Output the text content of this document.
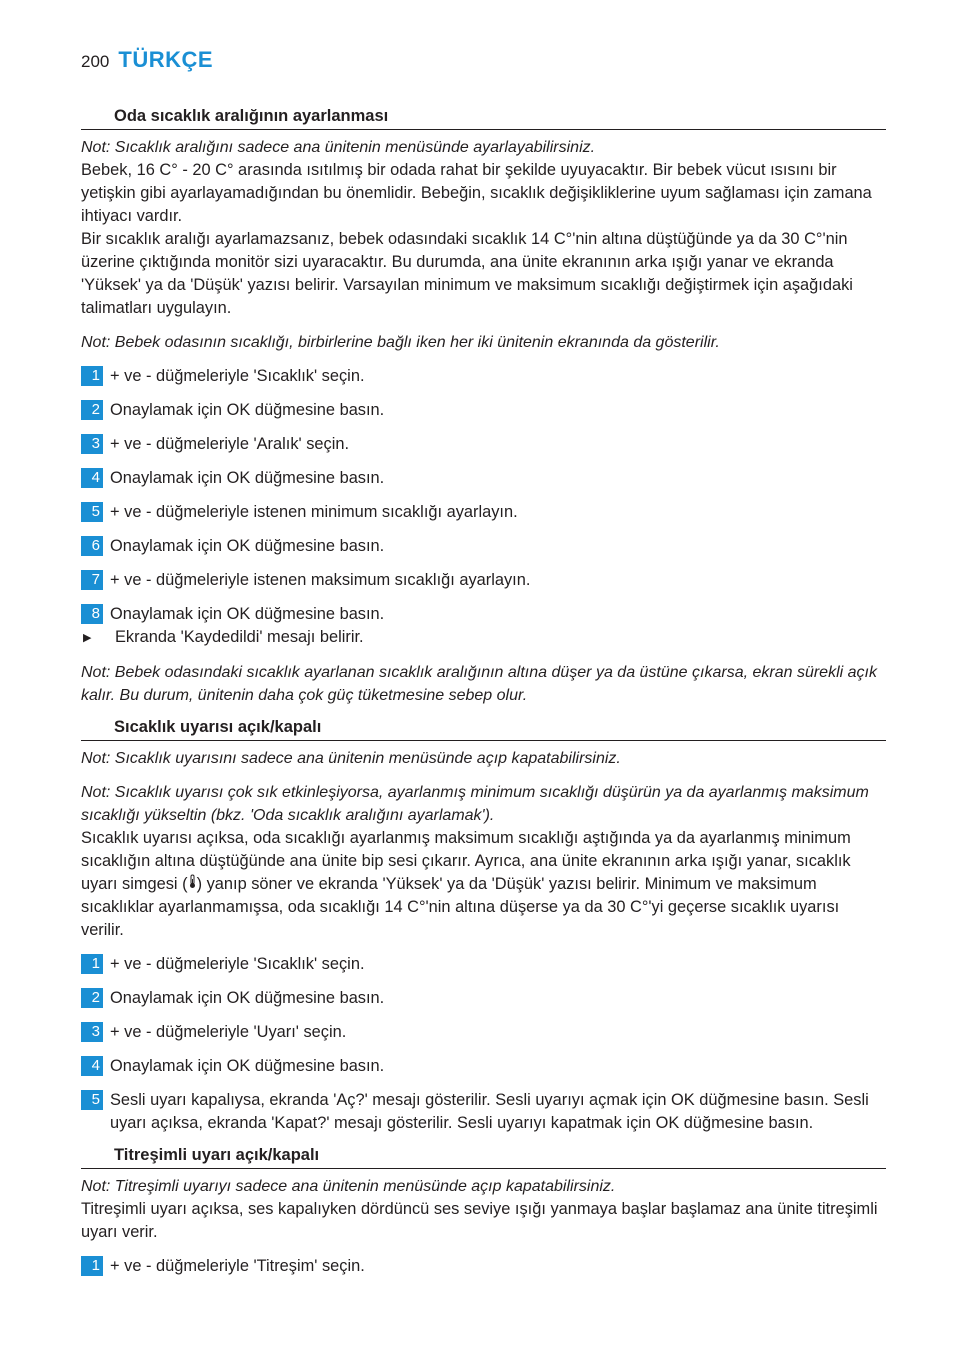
200 TÜRKÇE
Oda sıcaklık aralığının ayarlanması
Not: Sıcaklık aralığını sadece ana ünitenin menüsünde ayarlayabilirsiniz.
Bebek, 16 C° - 20 C° arasında ısıtılmış bir odada rahat bir şekilde uyuyacaktır. Bir bebek vücut ısısını bir yetişkin gibi ayarlayamadığından bu önemlidir. Bebeğin, sıcaklık değişikliklerine uyum sağlaması için zamana ihtiyacı vardır.
Bir sıcaklık aralığı ayarlamazsanız, bebek odasındaki sıcaklık 14 C°'nin altına düştüğünde ya da 30 C°'nin üzerine çıktığında monitör sizi uyaracaktır. Bu durumda, ana ünite ekranının arka ışığı yanar ve ekranda 'Yüksek' ya da 'Düşük' yazısı belirir. Varsayılan minimum ve maksimum sıcaklığı değiştirmek için aşağıdaki talimatları uygulayın.
Not: Bebek odasının sıcaklığı, birbirlerine bağlı iken her iki ünitenin ekranında da gösterilir.
1 + ve - düğmeleriyle 'Sıcaklık' seçin.
2 Onaylamak için OK düğmesine basın.
3 + ve - düğmeleriyle 'Aralık' seçin.
4 Onaylamak için OK düğmesine basın.
5 + ve - düğmeleriyle istenen minimum sıcaklığı ayarlayın.
6 Onaylamak için OK düğmesine basın.
7 + ve - düğmeleriyle istenen maksimum sıcaklığı ayarlayın.
8 Onaylamak için OK düğmesine basın.
▶	Ekranda 'Kaydedildi' mesajı belirir.
Not: Bebek odasındaki sıcaklık ayarlanan sıcaklık aralığının altına düşer ya da üstüne çıkarsa, ekran sürekli açık kalır. Bu durum, ünitenin daha çok güç tüketmesine sebep olur.
Sıcaklık uyarısı açık/kapalı
Not: Sıcaklık uyarısını sadece ana ünitenin menüsünde açıp kapatabilirsiniz.
Not: Sıcaklık uyarısı çok sık etkinleşiyorsa, ayarlanmış minimum sıcaklığı düşürün ya da ayarlanmış maksimum sıcaklığı yükseltin (bkz. 'Oda sıcaklık aralığını ayarlamak').
Sıcaklık uyarısı açıksa, oda sıcaklığı ayarlanmış maksimum sıcaklığı aştığında ya da ayarlanmış minimum sıcaklığın altına düştüğünde ana ünite bip sesi çıkarır. Ayrıca, ana ünite ekranının arka ışığı yanar, sıcaklık uyarı simgesi ( ) yanıp söner ve ekranda 'Yüksek' ya da 'Düşük' yazısı belirir. Minimum ve maksimum sıcaklıklar ayarlanmamışsa, oda sıcaklığı 14 C°'nin altına düşerse ya da 30 C°'yi geçerse sıcaklık uyarısı verilir.
1 + ve - düğmeleriyle 'Sıcaklık' seçin.
2 Onaylamak için OK düğmesine basın.
3 + ve - düğmeleriyle 'Uyarı' seçin.
4 Onaylamak için OK düğmesine basın.
5 Sesli uyarı kapalıysa, ekranda 'Aç?' mesajı gösterilir. Sesli uyarıyı açmak için OK düğmesine basın. Sesli uyarı açıksa, ekranda 'Kapat?' mesajı gösterilir. Sesli uyarıyı kapatmak için OK düğmesine basın.
Titreşimli uyarı açık/kapalı
Not: Titreşimli uyarıyı sadece ana ünitenin menüsünde açıp kapatabilirsiniz.
Titreşimli uyarı açıksa, ses kapalıyken dördüncü ses seviye ışığı yanmaya başlar başlamaz ana ünite titreşimli uyarı verir.
1 + ve - düğmeleriyle 'Titreşim' seçin.
